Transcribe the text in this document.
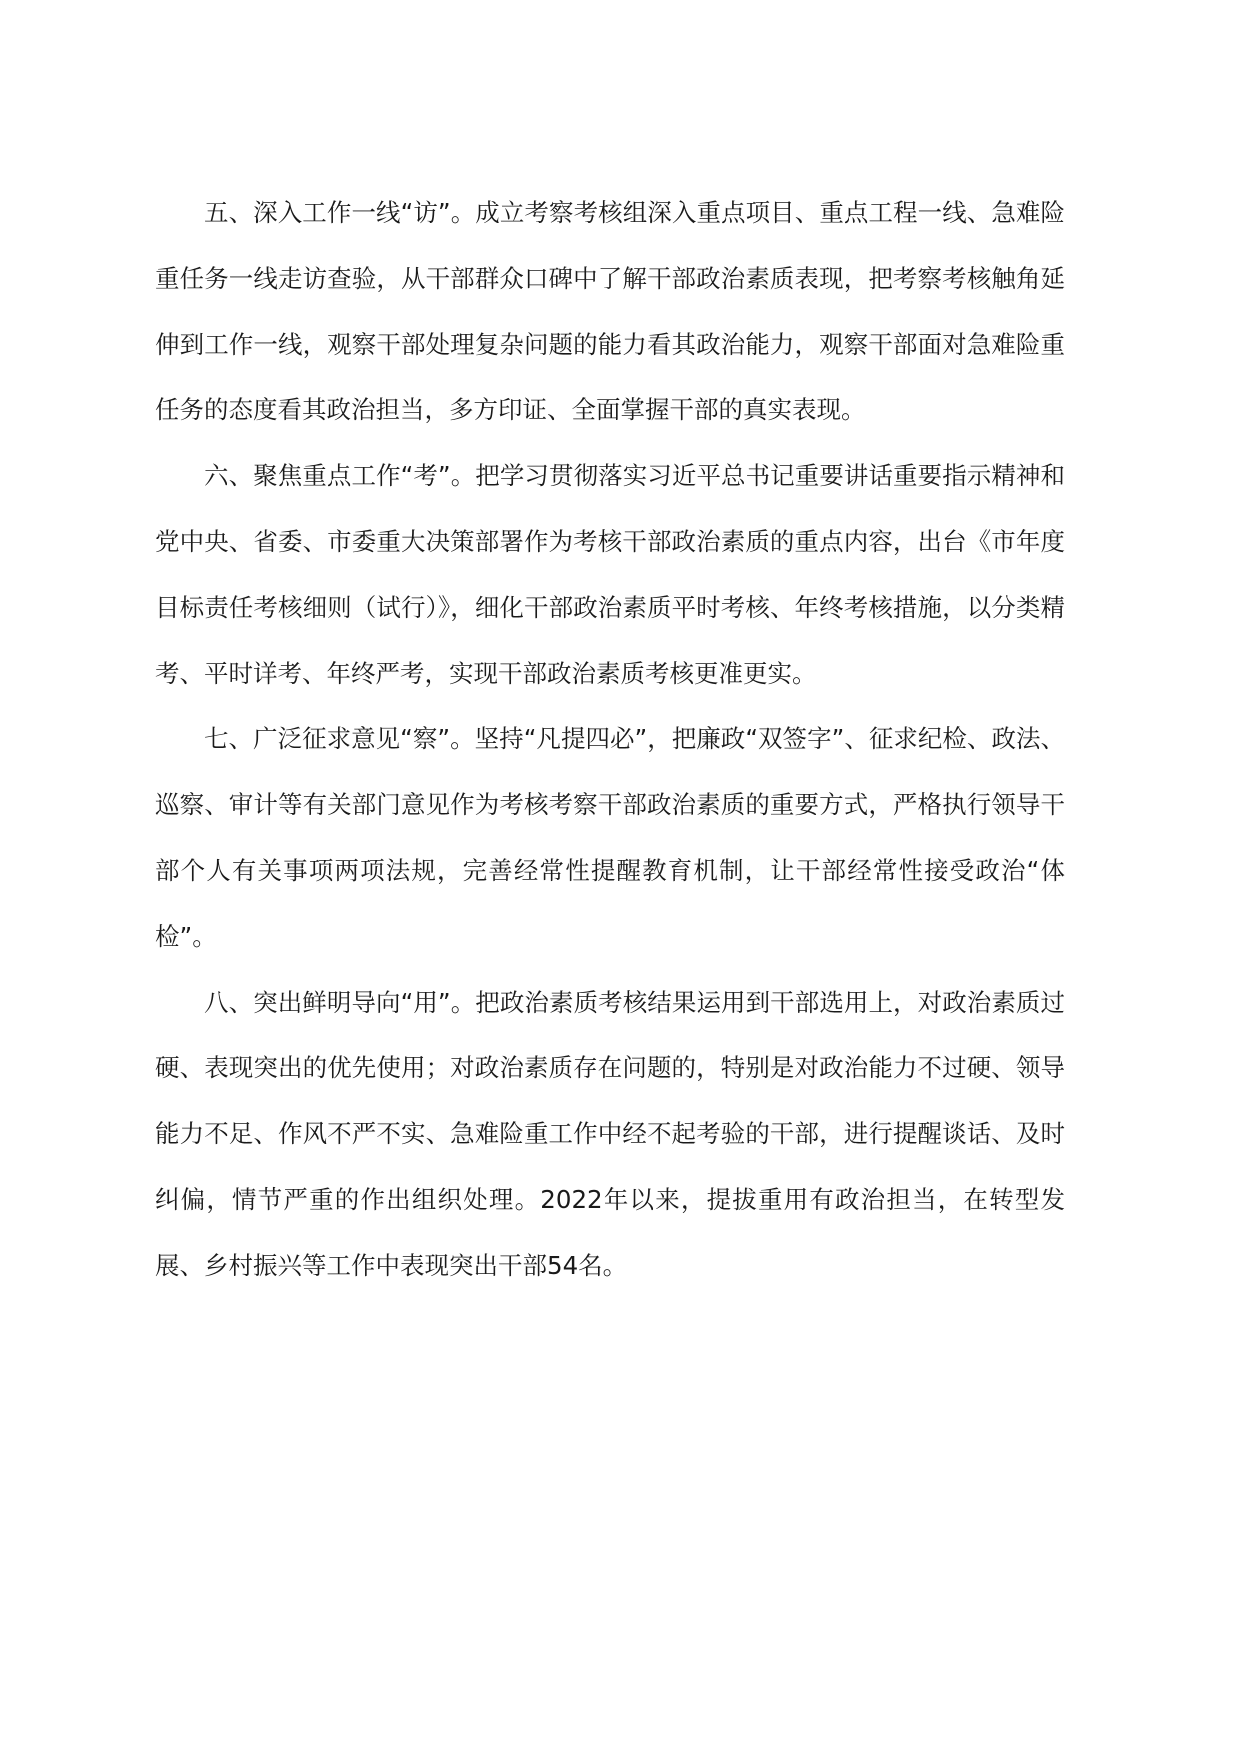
五、深入工作一线“访”。成立考察考核组深入重点项目、重点工程一线、急难险重任务一线走访查验，从干部群众口碑中了解干部政治素质表现，把考察考核触角延伸到工作一线，观察干部处理复杂问题的能力看其政治能力，观察干部面对急难险重任务的态度看其政治担当，多方印证、全面掌握干部的真实表现。

六、聚焦重点工作“考”。把学习贯彻落实习近平总书记重要讲话重要指示精神和党中央、省委、市委重大决策部署作为考核干部政治素质的重点内容，出台《市年度目标责任考核细则（试行）》，细化干部政治素质平时考核、年终考核措施，以分类精考、平时详考、年终严考，实现干部政治素质考核更准更实。

七、广泛征求意见“察”。坚持“凡提四必”，把廉政“双签字”、征求纪检、政法、巡察、审计等有关部门意见作为考核考察干部政治素质的重要方式，严格执行领导干部个人有关事项两项法规，完善经常性提醒教育机制，让干部经常性接受政治“体检”。

八、突出鲜明导向“用”。把政治素质考核结果运用到干部选用上，对政治素质过硬、表现突出的优先使用；对政治素质存在问题的，特别是对政治能力不过硬、领导能力不足、作风不严不实、急难险重工作中经不起考验的干部，进行提醒谈话、及时纠偏，情节严重的作出组织处理。2022年以来，提拔重用有政治担当，在转型发展、乡村振兴等工作中表现突出干部54名。
